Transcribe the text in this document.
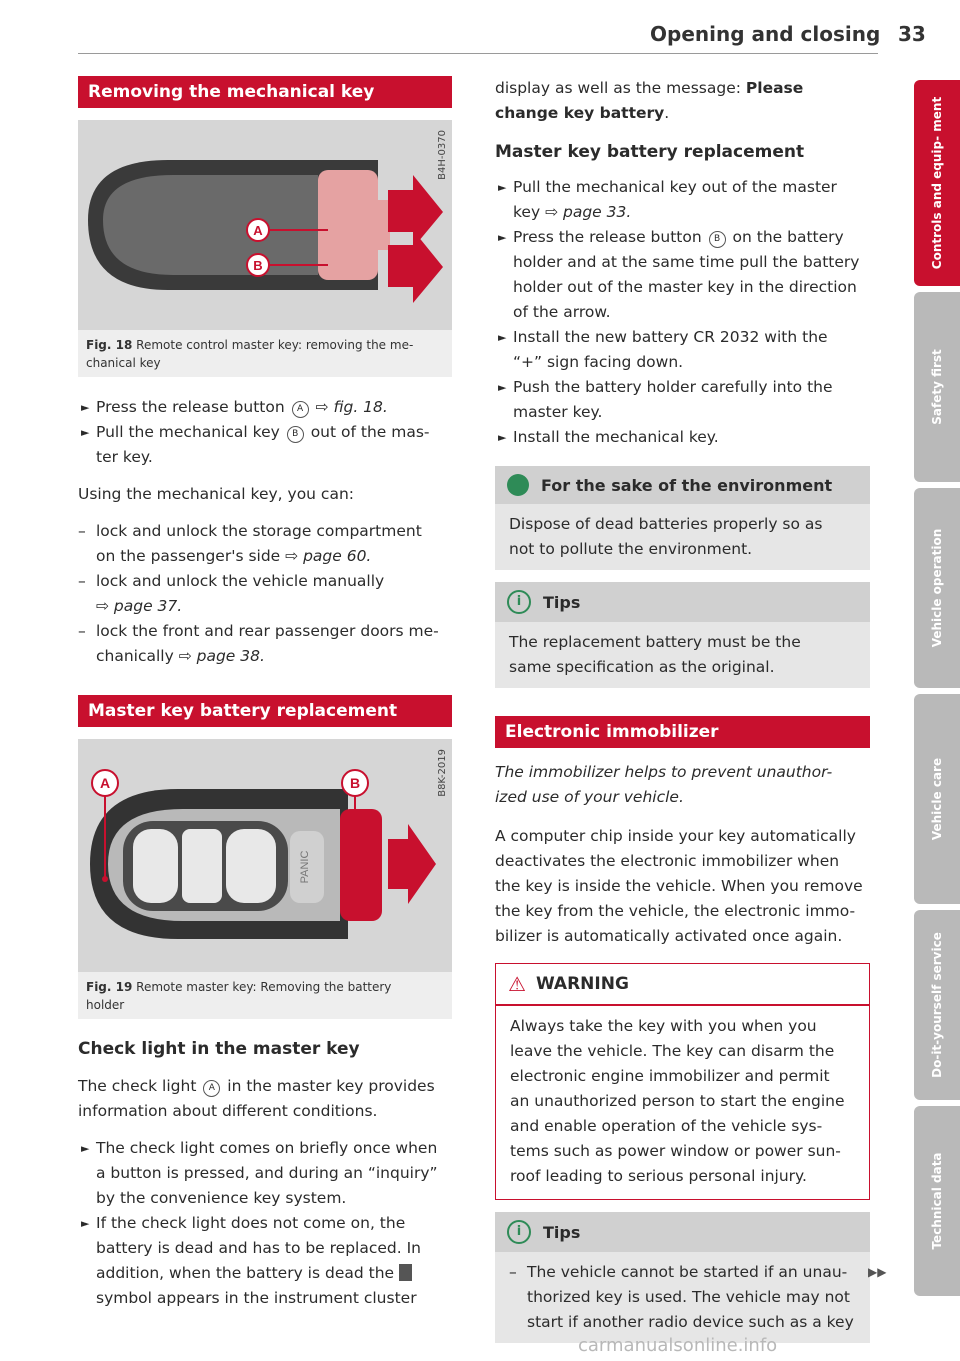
Opening and closing 33
Removing the mechanical key
A
B
B4H-0370
Fig. 18 Remote control master key: removing the me-
chanical key
► Press the release button A ⇨ fig. 18.
► Pull the mechanical key B out of the mas-
ter key.

Using the mechanical key, you can:

– lock and unlock the storage compartment
on the passenger's side ⇨ page 60.
– lock and unlock the vehicle manually
⇨ page 37.
– lock the front and rear passenger doors me-
chanically ⇨ page 38.
Master key battery replacement
PANIC
A	B	B8K-2019
Fig. 19 Remote master key: Removing the battery
holder

Check light in the master key

The check light A in the master key provides
information about different conditions.

► The check light comes on briefly once when
a button is pressed, and during an “inquiry”
by the convenience key system.
► If the check light does not come on, the
battery is dead and has to be replaced. In
addition, when the battery is dead the
symbol appears in the instrument cluster

display as well as the message: Please
change key battery.

Master key battery replacement

► Pull the mechanical key out of the master
key ⇨ page 33.
► Press the release button B on the battery
holder and at the same time pull the battery
holder out of the master key in the direction
of the arrow.
► Install the new battery CR 2032 with the
“+” sign facing down.
► Push the battery holder carefully into the
master key.
► Install the mechanical key.
For the sake of the environment

Dispose of dead batteries properly so as
not to pollute the environment.

i	Tips

The replacement battery must be the
same specification as the original.

Electronic immobilizer

The immobilizer helps to prevent unauthor-
ized use of your vehicle.

A computer chip inside your key automatically
deactivates the electronic immobilizer when
the key is inside the vehicle. When you remove
the key from the vehicle, the electronic immo-
bilizer is automatically activated once again.

⚠ WARNING

Always take the key with you when you
leave the vehicle. The key can disarm the
electronic engine immobilizer and permit
an unauthorized person to start the engine
and enable operation of the vehicle sys-
tems such as power window or power sun-
roof leading to serious personal injury.

i	Tips
– The vehicle cannot be started if an unau-
thorized key is used. The vehicle may not
start if another radio device such as a key
▶▶
Controls and equip- ment
Safety first
Vehicle operation
Vehicle care
Do-it-yourself service
Technical data
carmanualsonline.info
